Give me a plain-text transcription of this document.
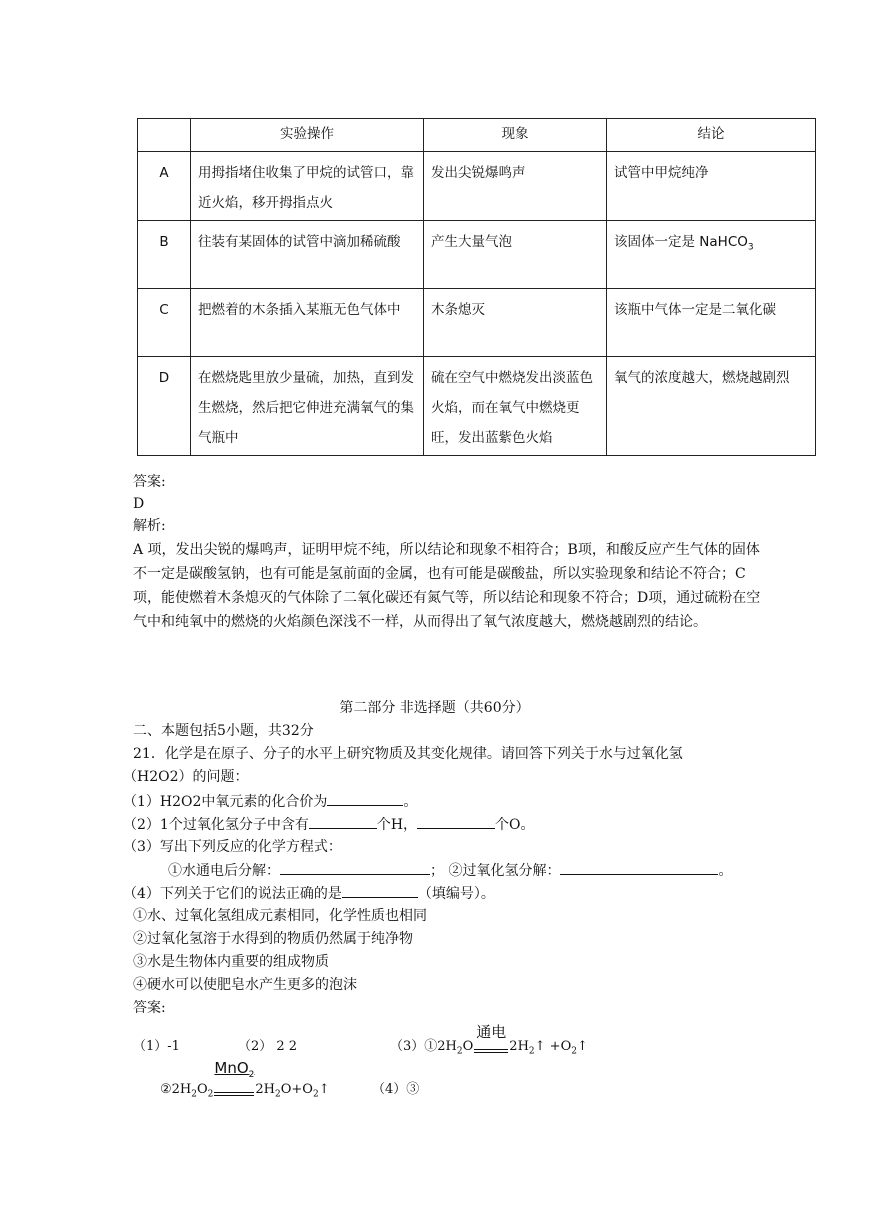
	实验操作	现象	结论
A	用拇指堵住收集了甲烷的试管口，靠近火焰，移开拇指点火	发出尖锐爆鸣声	试管中甲烷纯净
B	往装有某固体的试管中滴加稀硫酸	产生大量气泡	该固体一定是 NaHCO$_3$
C	把燃着的木条插入某瓶无色气体中	木条熄灭	该瓶中气体一定是二氧化碳
D	在燃烧匙里放少量硫，加热，直到发生燃烧，然后把它伸进充满氧气的集气瓶中	硫在空气中燃烧发出淡蓝色火焰，而在氧气中燃烧更旺，发出蓝紫色火焰	氧气的浓度越大，燃烧越剧烈
答案:
D
解析:
A 项，发出尖锐的爆鸣声，证明甲烷不纯，所以结论和现象不相符合；B项，和酸反应产生气体的固体不一定是碳酸氢钠，也有可能是氢前面的金属，也有可能是碳酸盐，所以实验现象和结论不符合；C项，能使燃着木条熄灭的气体除了二氧化碳还有氮气等，所以结论和现象不符合；D项，通过硫粉在空气中和纯氧中的燃烧的火焰颜色深浅不一样，从而得出了氧气浓度越大，燃烧越剧烈的结论。
第二部分 非选择题（共60分）
二、本题包括5小题，共32分
21．化学是在原子、分子的水平上研究物质及其变化规律。请回答下列关于水与过氧化氢
（H2O2）的问题：
（1）H2O2中氧元素的化合价为	。
（2）1个过氧化氢分子中含有	个H，	个O。
（3）写出下列反应的化学方程式：
①水通电后分解：	； ②过氧化氢分解：	。
（4）下列关于它们的说法正确的是	（填编号）。
①水、过氧化氢组成元素相同，化学性质也相同
②过氧化氢溶于水得到的物质仍然属于纯净物
③水是生物体内重要的组成物质
④硬水可以使肥皂水产生更多的泡沫
答案:
（1）-1	（2） 2 2	$(3)①2H_2O$
通电
$2H_2↑$ $+O_2↑$
$②2H_2O_2$
MnO$_2$
$2H_2O+O_2↑$	（4）③
